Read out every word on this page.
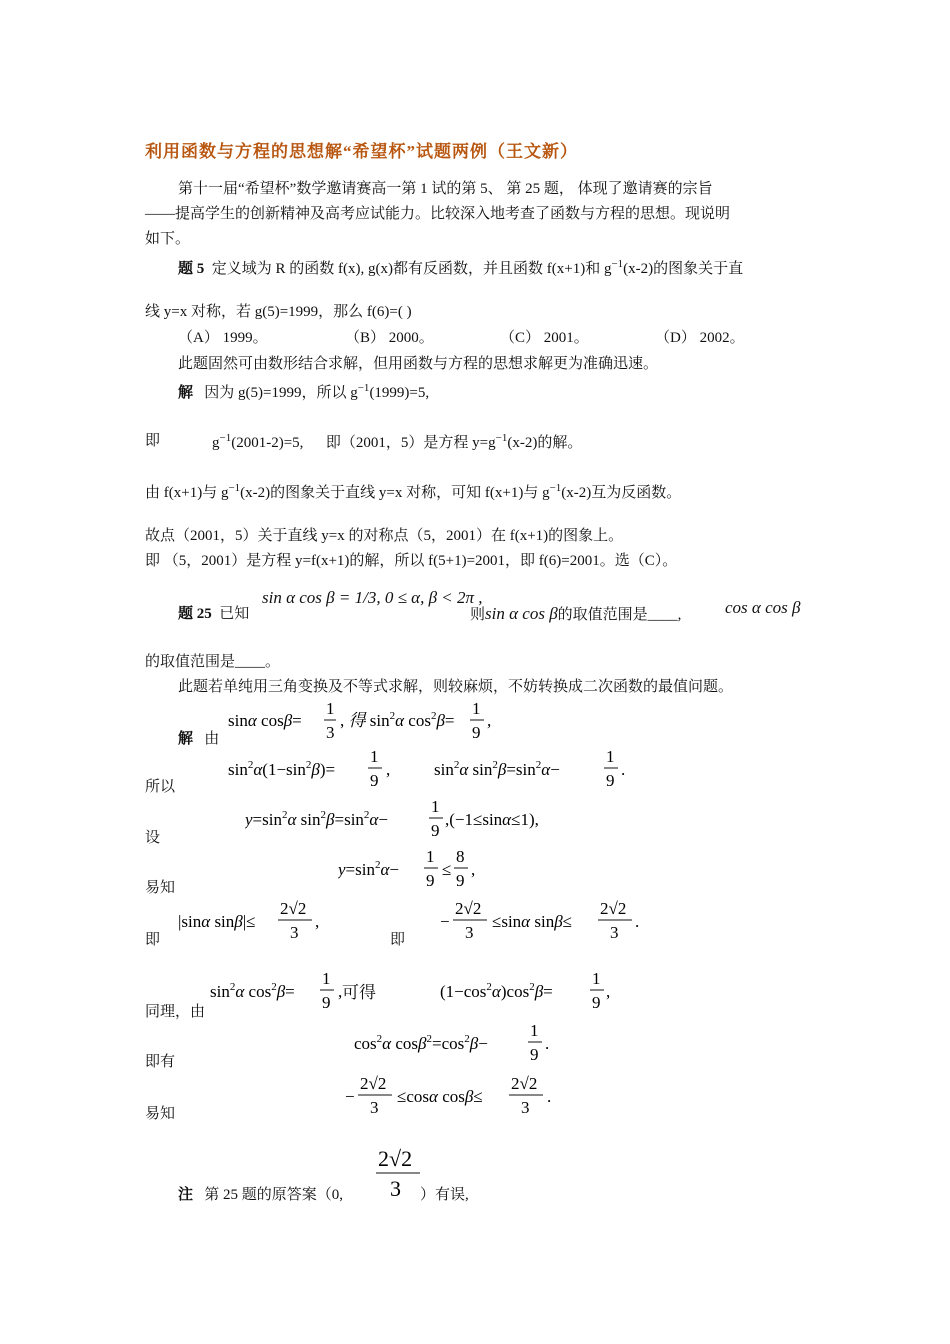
利用函数与方程的思想解“希望杯”试题两例（王文新）
第十一届“希望杯”数学邀请赛高一第 1 试的第 5、 第 25 题， 体现了邀请赛的宗旨
——提高学生的创新精神及高考应试能力。比较深入地考查了函数与方程的思想。现说明
如下。
题 5 定义域为 R 的函数 f(x), g(x)都有反函数，并且函数 f(x+1)和 $g^{-1}(x-2)$的图象关于直
线 y=x 对称，若 g(5)=1999，那么 f(6)=( )
（A） 1999。	（B） 2000。	（C） 2001。	（D） 2002。
此题固然可由数形结合求解，但用函数与方程的思想求解更为准确迅速。
解 因为 g(5)=1999，所以 $g^{-1}(1999)=5$,
即	$g^{-1}(2001-2)=5$, 即（2001，5）是方程 $y=g^{-1}(x-2)$的解。
由 f(x+1)与 $g^{-1}(x-2)$的图象关于直线 y=x 对称，可知 f(x+1)与 $g^{-1}(x-2)$互为反函数。
故点（2001，5）关于直线 y=x 的对称点（5，2001）在 f(x+1)的图象上。
即 （5，2001）是方程 y=f(x+1)的解，所以 f(5+1)=2001，即 f(6)=2001。选（C）。
题 25 已知
sin α cos β = 1/3, 0 ≤ α, β < 2π ,
则sin α cos β的取值范围是____,	cos α cos β
的取值范围是____。
此题若单纯用三角变换及不等式求解，则较麻烦，不妨转换成二次函数的最值问题。
解 由
所以
设
易知
即	即
同理，由
即有
易知
sinα cosβ=
1
3
, 得 $\sin^2\alpha$ $\cos^2\beta=$
1
9
,
$\sin^2\alpha(1-\sin^2\beta)=$
1
9
,	$\sin^2\alpha$ $\sin^2\beta=\sin^2\alpha-$
1
9
.
$y=\sin^2\alpha$ $\sin^2\beta=\sin^2\alpha-$
1
9
,(−1≤sinα≤1),
$y=\sin^2\alpha-$
1
9
≤
8
9
,
|sinα sinβ|≤
2√2
3
,	−
2√2
3
≤sinα sinβ≤
2√2
3
.
$\sin^2\alpha$ $\cos^2\beta=$
1
9
, 可得	$(1-\cos^2\alpha)\cos^2\beta=$
1
9
,
$\cos^2\alpha$ $\cos\beta^2=\cos^2\beta-$
1
9
.
−
2√2
3
≤cosα cosβ≤
2√2
3
.
注 第 25 题的原答案（0,
2√2
3 ）有误,
